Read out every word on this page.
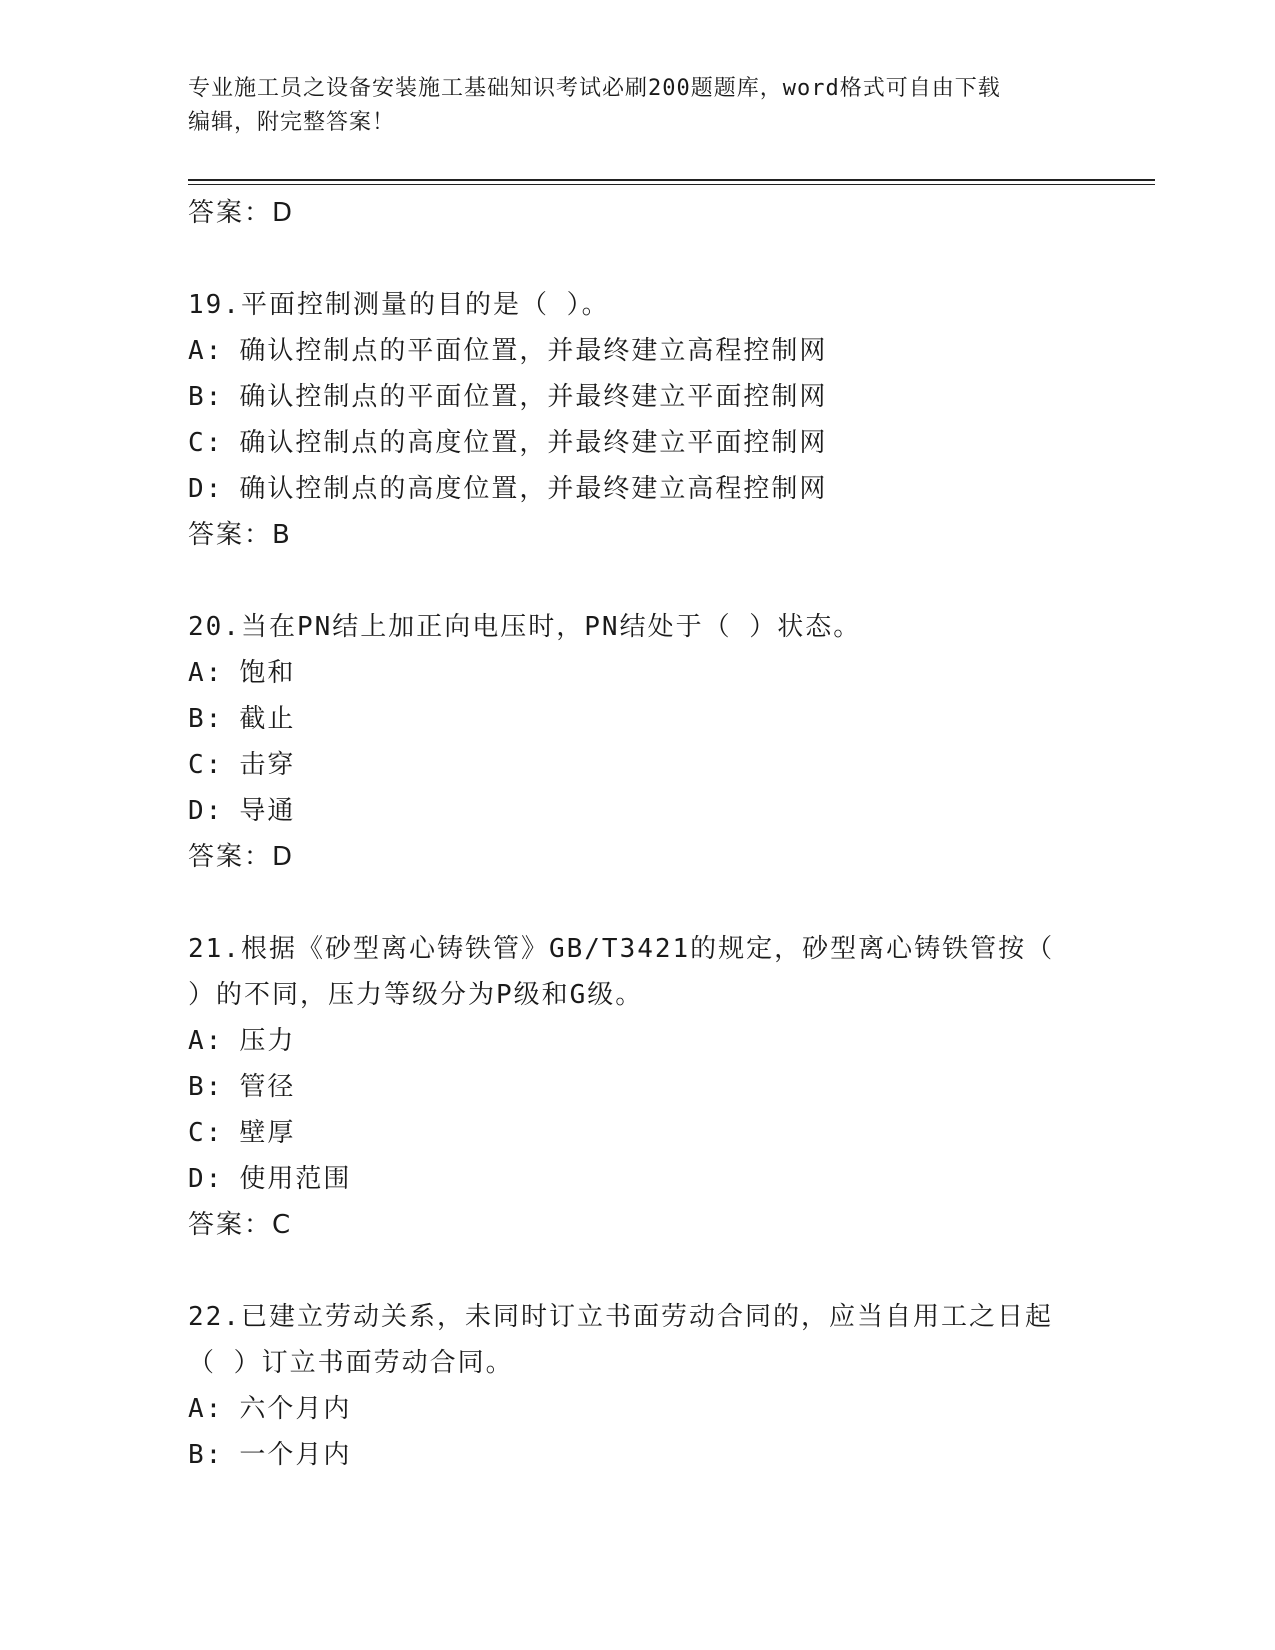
专业施工员之设备安装施工基础知识考试必刷200题题库，word格式可自由下载
编辑，附完整答案！
答案：D
19.平面控制测量的目的是（ ）。
A: 确认控制点的平面位置，并最终建立高程控制网
B: 确认控制点的平面位置，并最终建立平面控制网
C: 确认控制点的高度位置，并最终建立平面控制网
D: 确认控制点的高度位置，并最终建立高程控制网
答案：B
20.当在PN结上加正向电压时，PN结处于（ ）状态。
A: 饱和
B: 截止
C: 击穿
D: 导通
答案：D
21.根据《砂型离心铸铁管》GB/T3421的规定，砂型离心铸铁管按（
）的不同，压力等级分为P级和G级。
A: 压力
B: 管径
C: 壁厚
D: 使用范围
答案：C
22.已建立劳动关系，未同时订立书面劳动合同的，应当自用工之日起
（ ）订立书面劳动合同。
A: 六个月内
B: 一个月内
